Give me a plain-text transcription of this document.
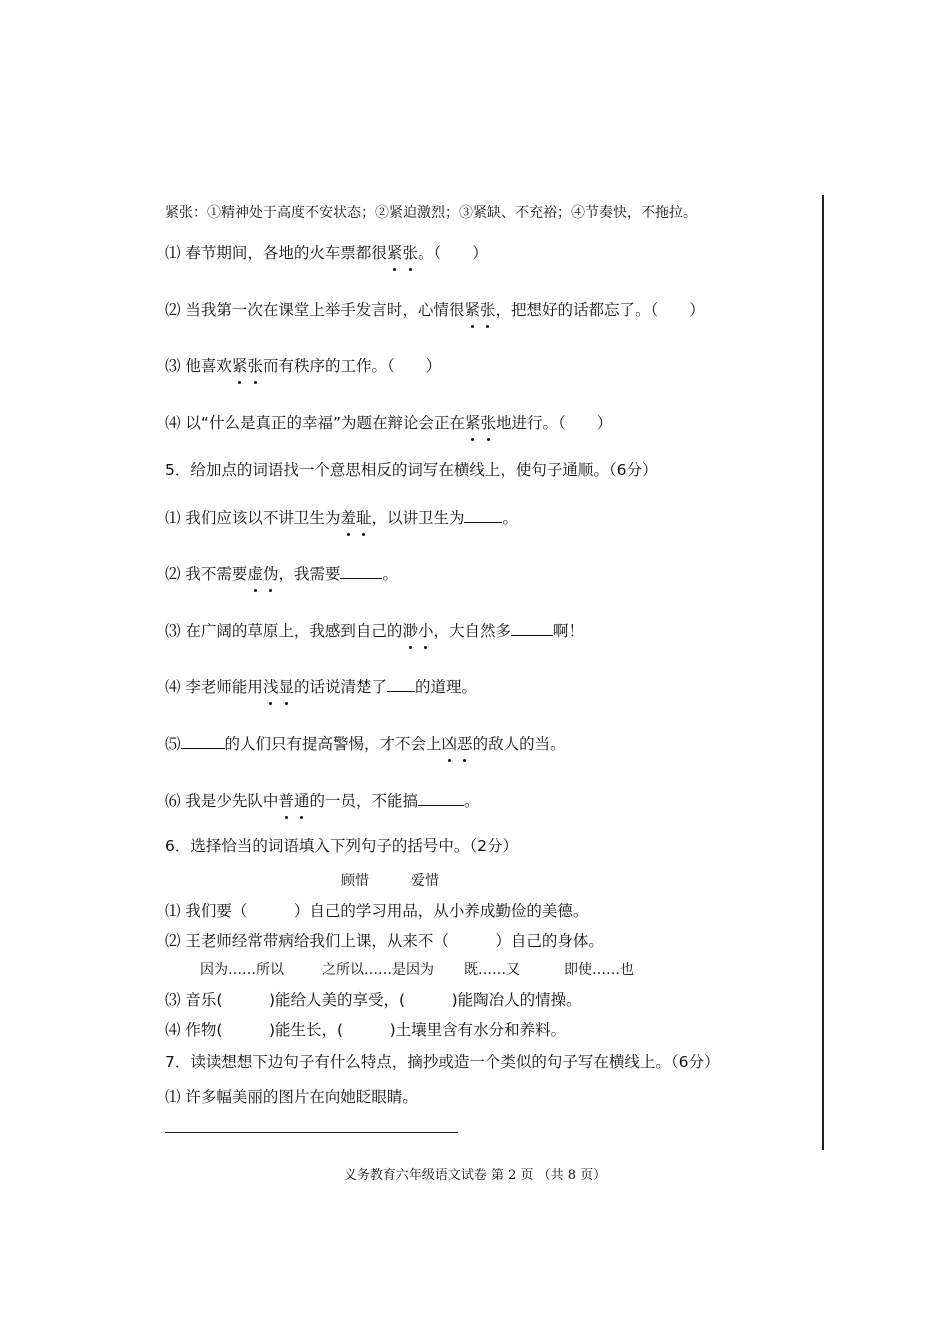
紧张：①精神处于高度不安状态；②紧迫激烈；③紧缺、不充裕；④节奏快，不拖拉。
⑴ 春节期间，各地的火车票都很紧张。（　　）
⑵ 当我第一次在课堂上举手发言时，心情很紧张，把想好的话都忘了。（　　）
⑶ 他喜欢紧张而有秩序的工作。（　　）
⑷ 以“什么是真正的幸福”为题在辩论会正在紧张地进行。（　　）
5．给加点的词语找一个意思相反的词写在横线上，使句子通顺。（6分）
⑴ 我们应该以不讲卫生为羞耻，以讲卫生为 。
⑵ 我不需要虚伪，我需要	。
⑶ 在广阔的草原上，我感到自己的渺小，大自然多	啊！
⑷ 李老师能用浅显的话说清楚了 的道理。
⑸	的人们只有提高警惕，才不会上凶恶的敌人的当。
⑹ 我是少先队中普通的一员，不能搞	。
6．选择恰当的词语填入下列句子的括号中。（2分）
顾惜	爱惜
⑴ 我们要（　　　）自己的学习用品，从小养成勤俭的美德。
⑵ 王老师经常带病给我们上课，从来不（　　　）自己的身体。
因为……所以	之所以……是因为 既……又	即使……也
⑶ 音乐(　　　)能给人美的享受，(　　　)能陶冶人的情操。
⑷ 作物(　　　)能生长，(　　　)土壤里含有水分和养料。
7．读读想想下边句子有什么特点，摘抄或造一个类似的句子写在横线上。（6分）
⑴ 许多幅美丽的图片在向她眨眼睛。
义务教育六年级语文试卷 第 2 页 （共 8 页）
